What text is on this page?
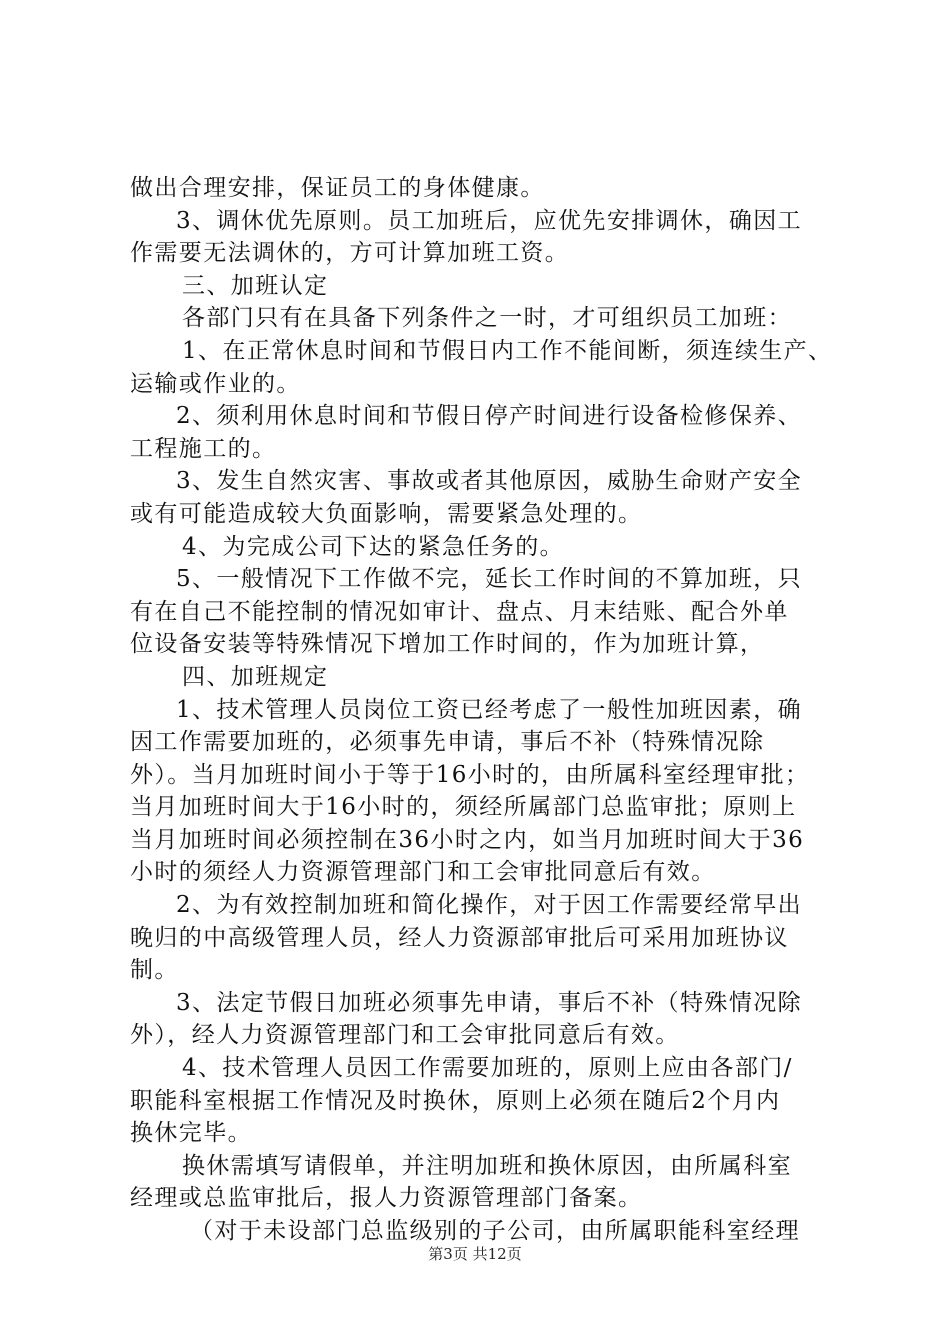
做出合理安排，保证员工的身体健康。
3、调休优先原则。员工加班后，应优先安排调休，确因工
作需要无法调休的，方可计算加班工资。
三、加班认定
各部门只有在具备下列条件之一时，才可组织员工加班：
1、在正常休息时间和节假日内工作不能间断，须连续生产、
运输或作业的。
2、须利用休息时间和节假日停产时间进行设备检修保养、
工程施工的。
3、发生自然灾害、事故或者其他原因，威胁生命财产安全
或有可能造成较大负面影响，需要紧急处理的。
4、为完成公司下达的紧急任务的。
5、一般情况下工作做不完，延长工作时间的不算加班，只
有在自己不能控制的情况如审计、盘点、月末结账、配合外单
位设备安装等特殊情况下增加工作时间的，作为加班计算，
四、加班规定
1、技术管理人员岗位工资已经考虑了一般性加班因素，确
因工作需要加班的，必须事先申请，事后不补（特殊情况除
外）。当月加班时间小于等于16小时的，由所属科室经理审批；
当月加班时间大于16小时的，须经所属部门总监审批；原则上
当月加班时间必须控制在36小时之内，如当月加班时间大于36
小时的须经人力资源管理部门和工会审批同意后有效。
2、为有效控制加班和简化操作，对于因工作需要经常早出
晚归的中高级管理人员，经人力资源部审批后可采用加班协议
制。
3、法定节假日加班必须事先申请，事后不补（特殊情况除
外），经人力资源管理部门和工会审批同意后有效。
4、技术管理人员因工作需要加班的，原则上应由各部门/
职能科室根据工作情况及时换休，原则上必须在随后2个月内
换休完毕。
换休需填写请假单，并注明加班和换休原因，由所属科室
经理或总监审批后，报人力资源管理部门备案。
（对于未设部门总监级别的子公司，由所属职能科室经理
第3页 共12页
